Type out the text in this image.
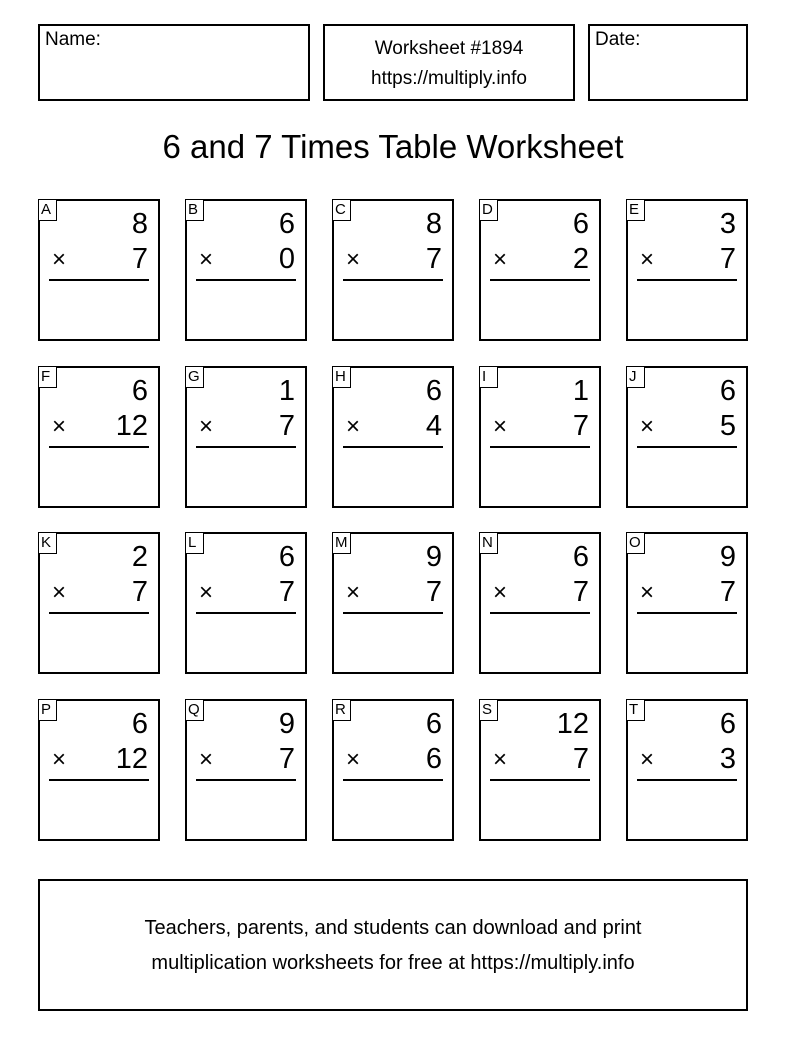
Name:	Worksheet #1894
https://multiply.info
Date:
6 and 7 Times Table Worksheet
A	8
× 7
B	6
× 0
C	8
× 7
D	6
× 2
E	3
× 7
F	6
× 12
G	1
× 7
H	6
× 4
I	1
× 7
J	6
× 5
K	2
× 7
L	6
× 7
M	9
× 7
N	6
× 7
O	9
× 7
P	6
× 12
Q	9
× 7
R	6
× 6
S 12
× 7
T	6
× 3
Teachers, parents, and students can download and print
multiplication worksheets for free at https://multiply.info
